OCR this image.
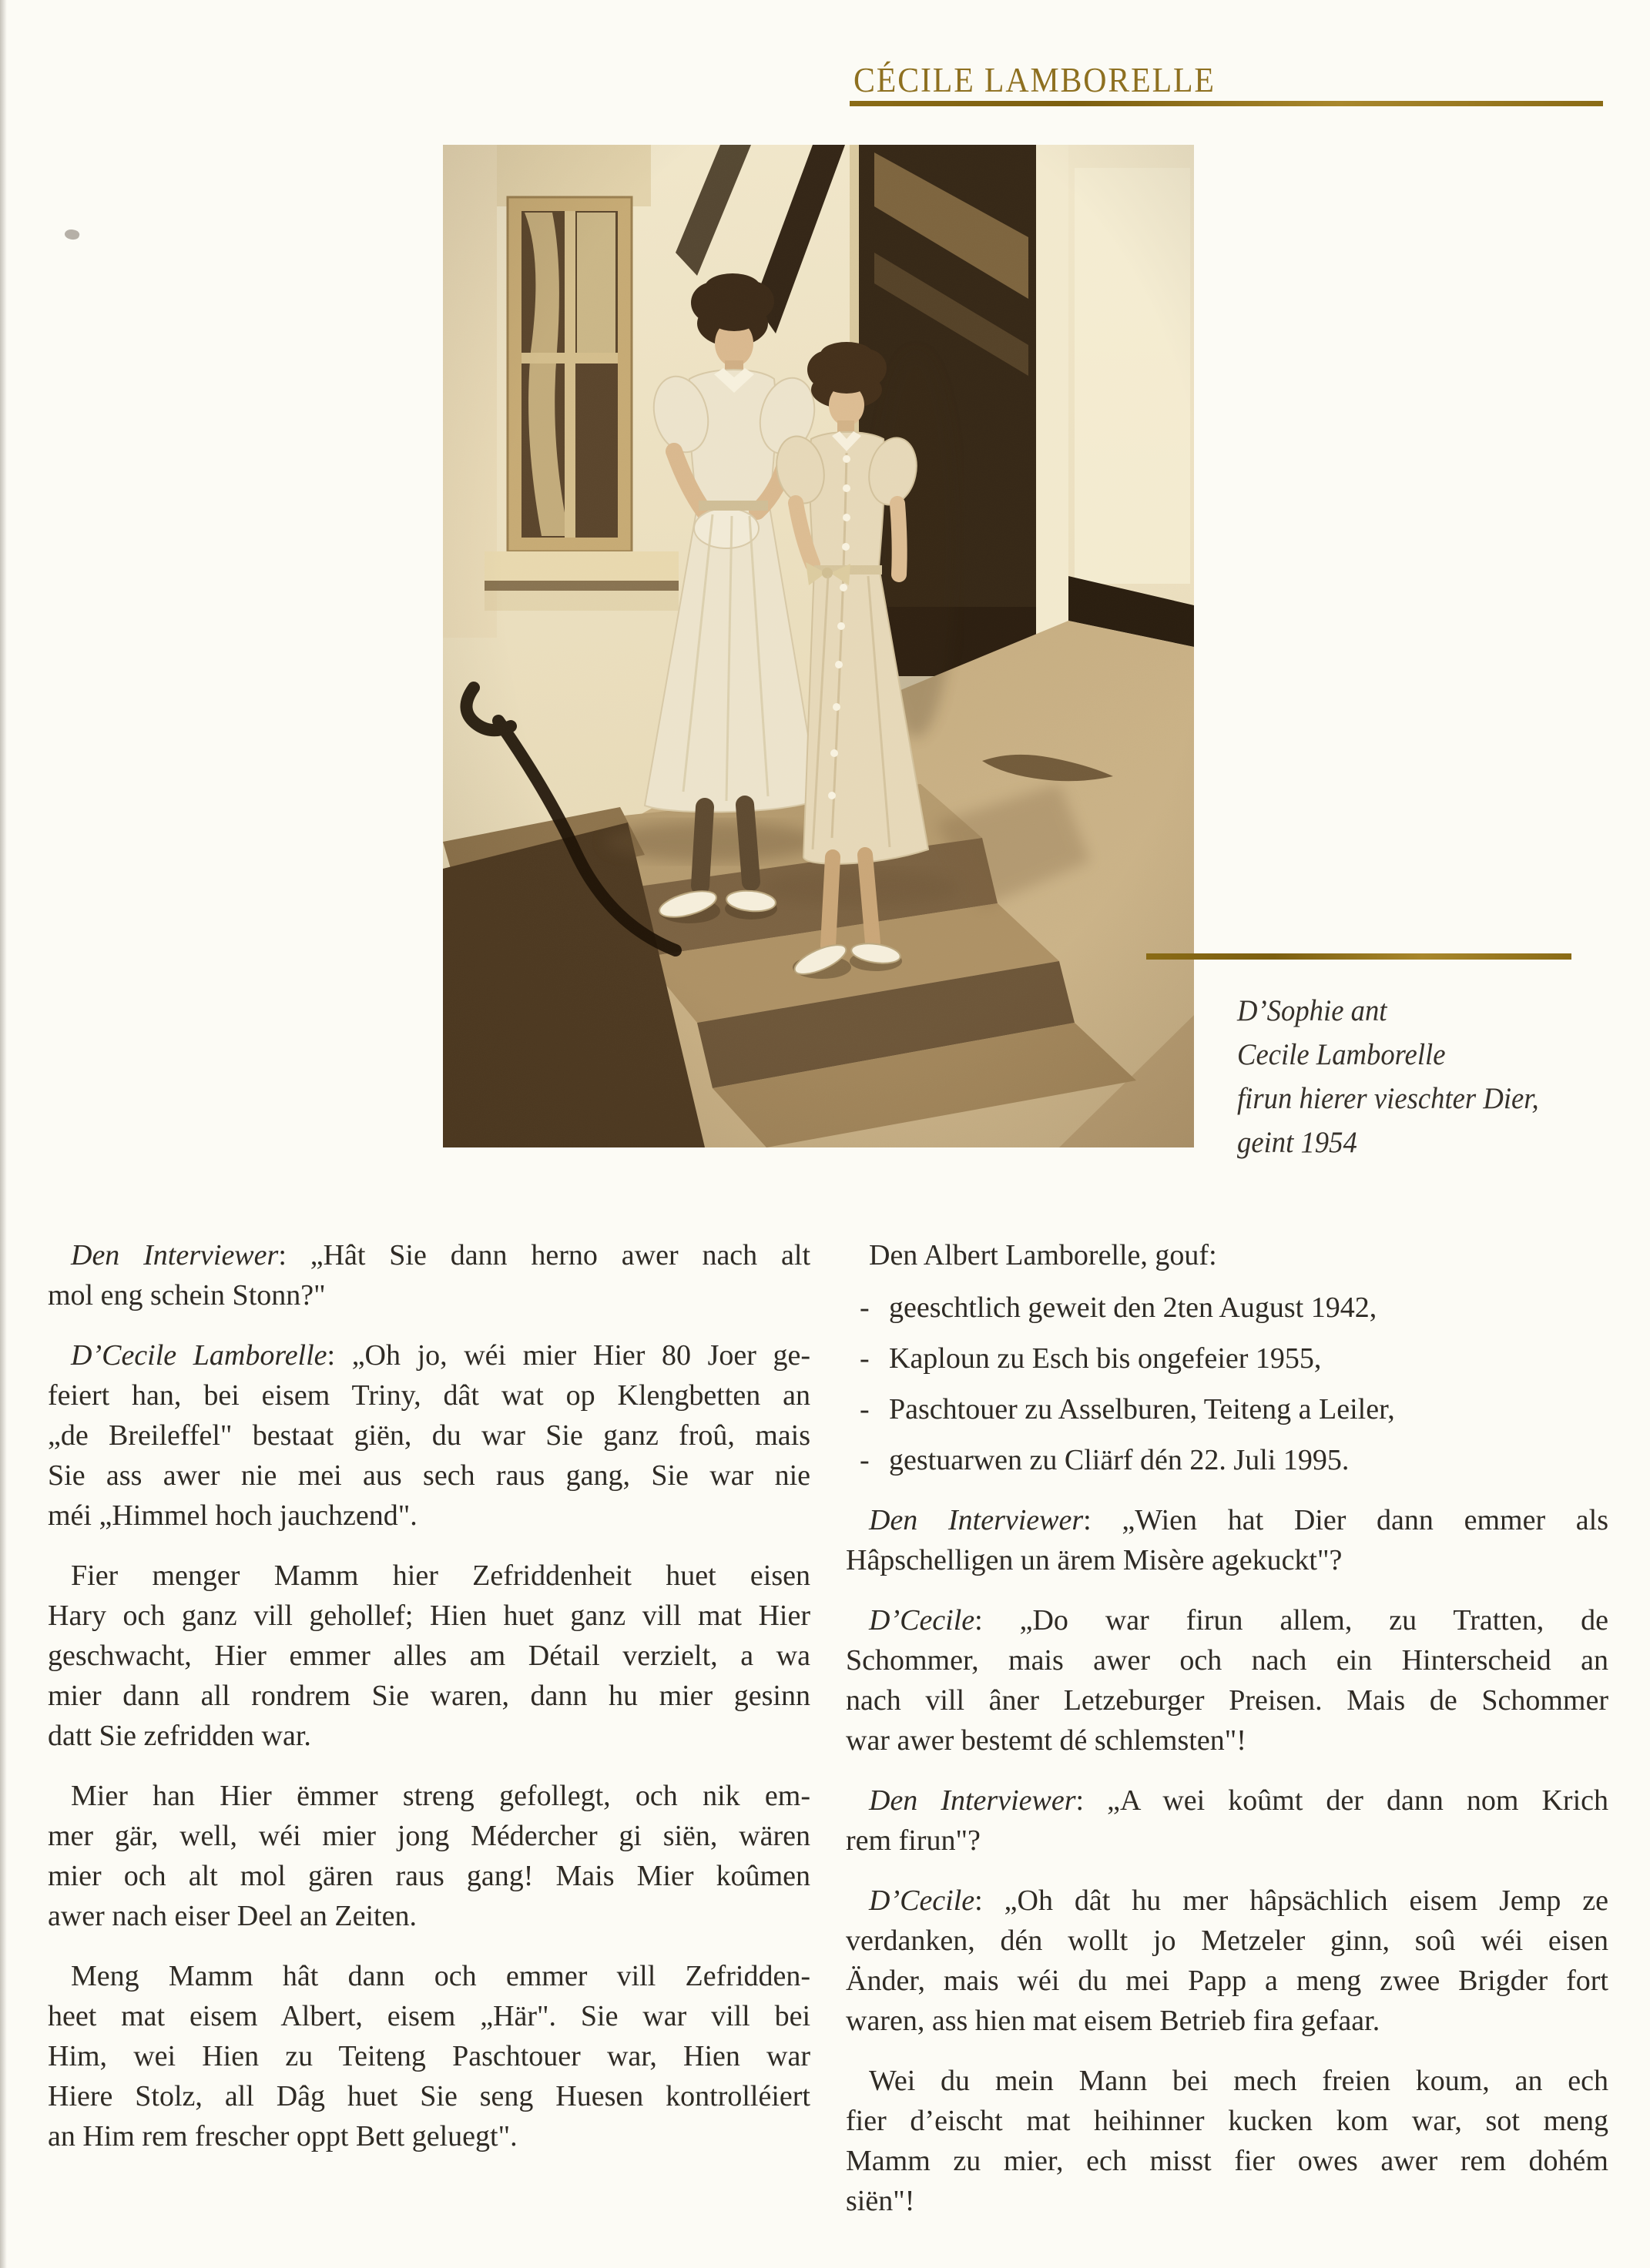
CÉCILE LAMBORELLE
D’Sophie ant
Cecile Lamborelle
firun hierer vieschter Dier,
geint 1954
Den Interviewer: „Hât Sie dann herno awer nach alt
mol eng schein Stonn?"
D’Cecile Lamborelle: „Oh jo, wéi mier Hier 80 Joer ge-
feiert han, bei eisem Triny, dât wat op Klengbetten an
„de Breileffel" bestaat giën, du war Sie ganz froû, mais
Sie ass awer nie mei aus sech raus gang, Sie war nie
méi „Himmel hoch jauchzend".
Fier menger Mamm hier Zefriddenheit huet eisen
Hary och ganz vill gehollef; Hien huet ganz vill mat Hier
geschwacht, Hier emmer alles am Détail verzielt, a wa
mier dann all rondrem Sie waren, dann hu mier gesinn
datt Sie zefridden war.
Mier han Hier ëmmer streng gefollegt, och nik em-
mer gär, well, wéi mier jong Médercher gi siën, wären
mier och alt mol gären raus gang! Mais Mier koûmen
awer nach eiser Deel an Zeiten.
Meng Mamm hât dann och emmer vill Zefridden-
heet mat eisem Albert, eisem „Här". Sie war vill bei
Him, wei Hien zu Teiteng Paschtouer war, Hien war
Hiere Stolz, all Dâg huet Sie seng Huesen kontrolléiert
an Him rem frescher oppt Bett geluegt".
Den Albert Lamborelle, gouf:
- geeschtlich geweit den 2ten August 1942,
- Kaploun zu Esch bis ongefeier 1955,
- Paschtouer zu Asselburen, Teiteng a Leiler,
- gestuarwen zu Cliärf dén 22. Juli 1995.
Den Interviewer: „Wien hat Dier dann emmer als
Hâpschelligen un ärem Misère agekuckt"?
D’Cecile: „Do war firun allem, zu Tratten, de
Schommer, mais awer och nach ein Hinterscheid an
nach vill âner Letzeburger Preisen. Mais de Schommer
war awer bestemt dé schlemsten"!
Den Interviewer: „A wei koûmt der dann nom Krich
rem firun"?
D’Cecile: „Oh dât hu mer hâpsächlich eisem Jemp ze
verdanken, dén wollt jo Metzeler ginn, soû wéi eisen
Änder, mais wéi du mei Papp a meng zwee Brigder fort
waren, ass hien mat eisem Betrieb fira gefaar.
Wei du mein Mann bei mech freien koum, an ech
fier d’eischt mat heihinner kucken kom war, sot meng
Mamm zu mier, ech misst fier owes awer rem dohém
siën"!
